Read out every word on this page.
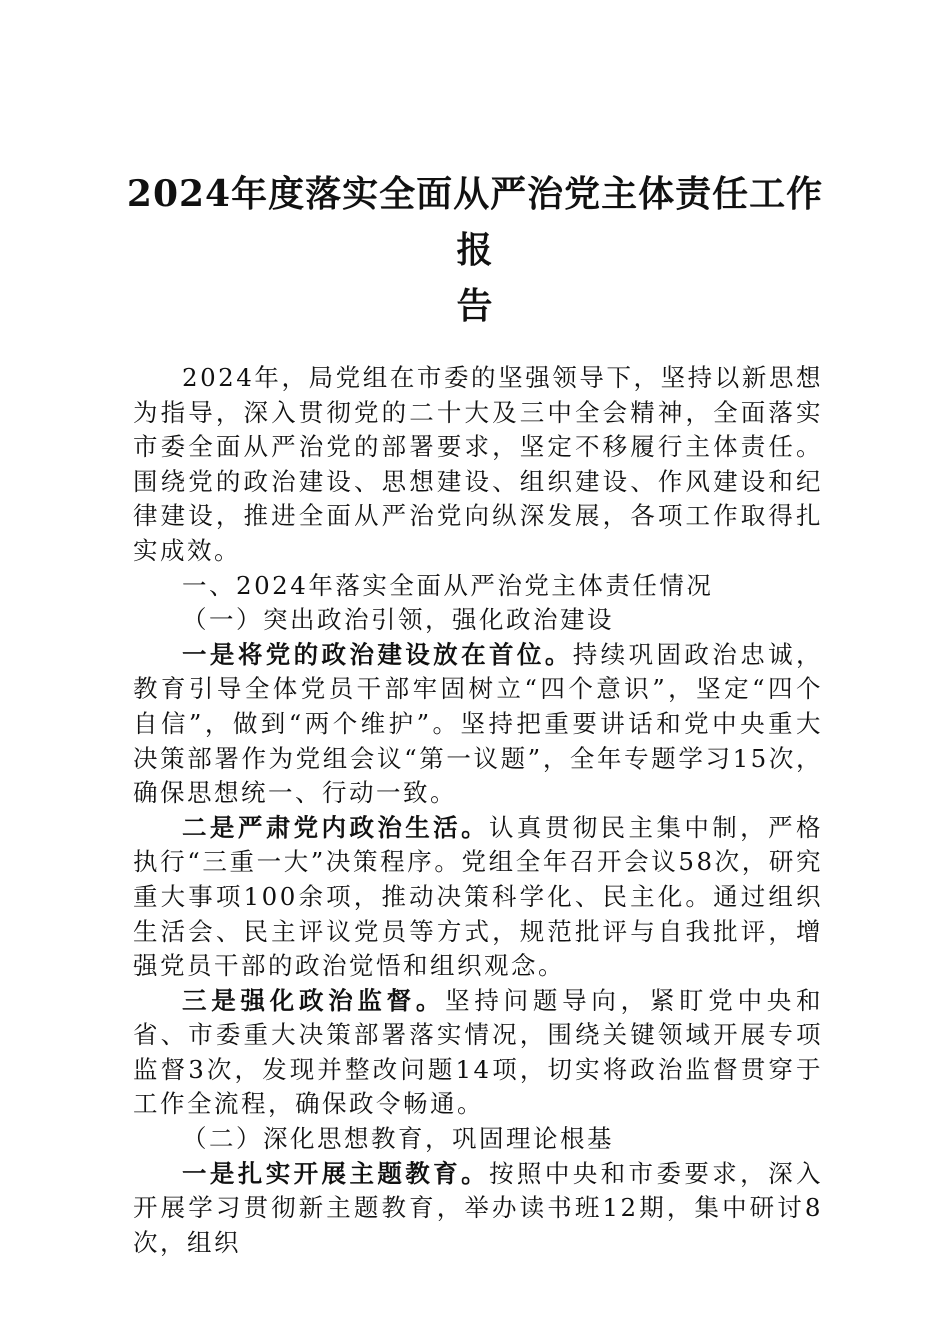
2024年度落实全面从严治党主体责任工作报
告

2024年，局党组在市委的坚强领导下，坚持以新思想为指导，深入贯彻党的二十大及三中全会精神，全面落实市委全面从严治党的部署要求，坚定不移履行主体责任。围绕党的政治建设、思想建设、组织建设、作风建设和纪律建设，推进全面从严治党向纵深发展，各项工作取得扎实成效。

一、2024年落实全面从严治党主体责任情况

（一）突出政治引领，强化政治建设

一是将党的政治建设放在首位。持续巩固政治忠诚，教育引导全体党员干部牢固树立“四个意识”，坚定“四个自信”，做到“两个维护”。坚持把重要讲话和党中央重大决策部署作为党组会议“第一议题”，全年专题学习15次，确保思想统一、行动一致。

二是严肃党内政治生活。认真贯彻民主集中制，严格执行“三重一大”决策程序。党组全年召开会议58次，研究重大事项100余项，推动决策科学化、民主化。通过组织生活会、民主评议党员等方式，规范批评与自我批评，增强党员干部的政治觉悟和组织观念。

三是强化政治监督。坚持问题导向，紧盯党中央和省、市委重大决策部署落实情况，围绕关键领域开展专项监督3次，发现并整改问题14项，切实将政治监督贯穿于工作全流程，确保政令畅通。

（二）深化思想教育，巩固理论根基

一是扎实开展主题教育。按照中央和市委要求，深入开展学习贯彻新主题教育，举办读书班12期，集中研讨8次，组织
